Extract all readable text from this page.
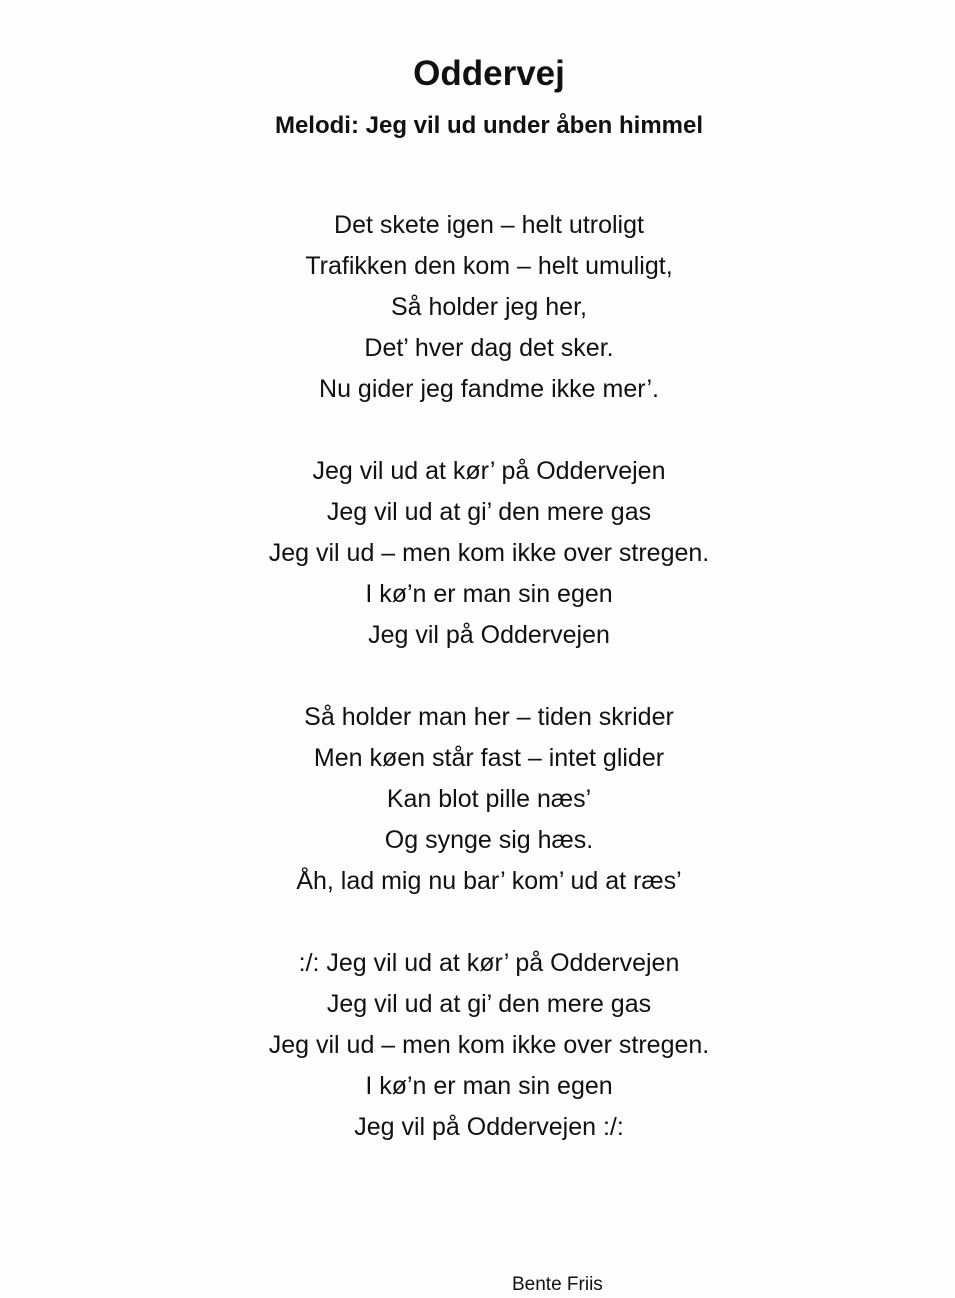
Oddervej
Melodi: Jeg vil ud under åben himmel
Det skete igen – helt utroligt
Trafikken den kom – helt umuligt,
Så holder jeg her,
Det’ hver dag det sker.
Nu gider jeg fandme ikke mer’.
Jeg vil ud at kør’ på Oddervejen
Jeg vil ud at gi’ den mere gas
Jeg vil ud – men kom ikke over stregen.
I kø’n er man sin egen
Jeg vil på Oddervejen
Så holder man her – tiden skrider
Men køen står fast – intet glider
Kan blot pille næs’
Og synge sig hæs.
Åh, lad mig nu bar’ kom’ ud at ræs’
:/: Jeg vil ud at kør’ på Oddervejen
Jeg vil ud at gi’ den mere gas
Jeg vil ud – men kom ikke over stregen.
I kø’n er man sin egen
Jeg vil på Oddervejen :/:
Bente Friis
